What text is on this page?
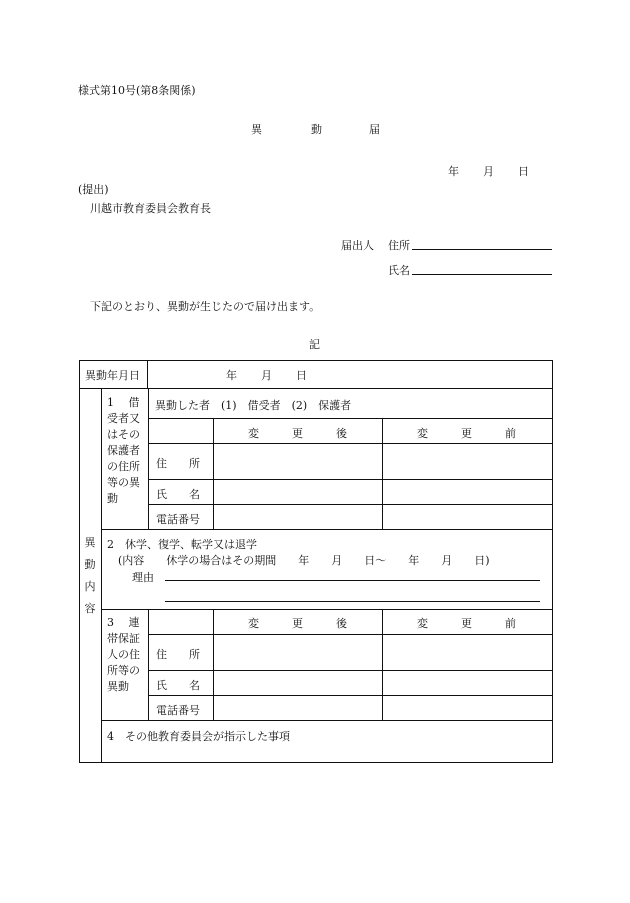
様式第10号(第8条関係)
異	動	届
年 月 日
(提出)
川越市教育委員会教育長
届出人 住所
氏名
下記のとおり、異動が生じたので届け出ます。
記
異動年月日	年 月 日
異
動
内
容
1　 借
受者又
はその
保護者
の住所
等の異
動
異動した者　(1)　借受者　(2)　保護者
変　　　更　　　後	変　　　更　　　前
住　　所
氏　　名
電話番号
2　休学、復学、転学又は退学
(内容　　休学の場合はその期間　　年　　月　　日～　　年　　月　　日)
理由
3　 連
帯保証
人の住
所等の
異動
変　　　更　　　後	変　　　更　　　前
住　　所
氏　　名
電話番号
4　その他教育委員会が指示した事項
